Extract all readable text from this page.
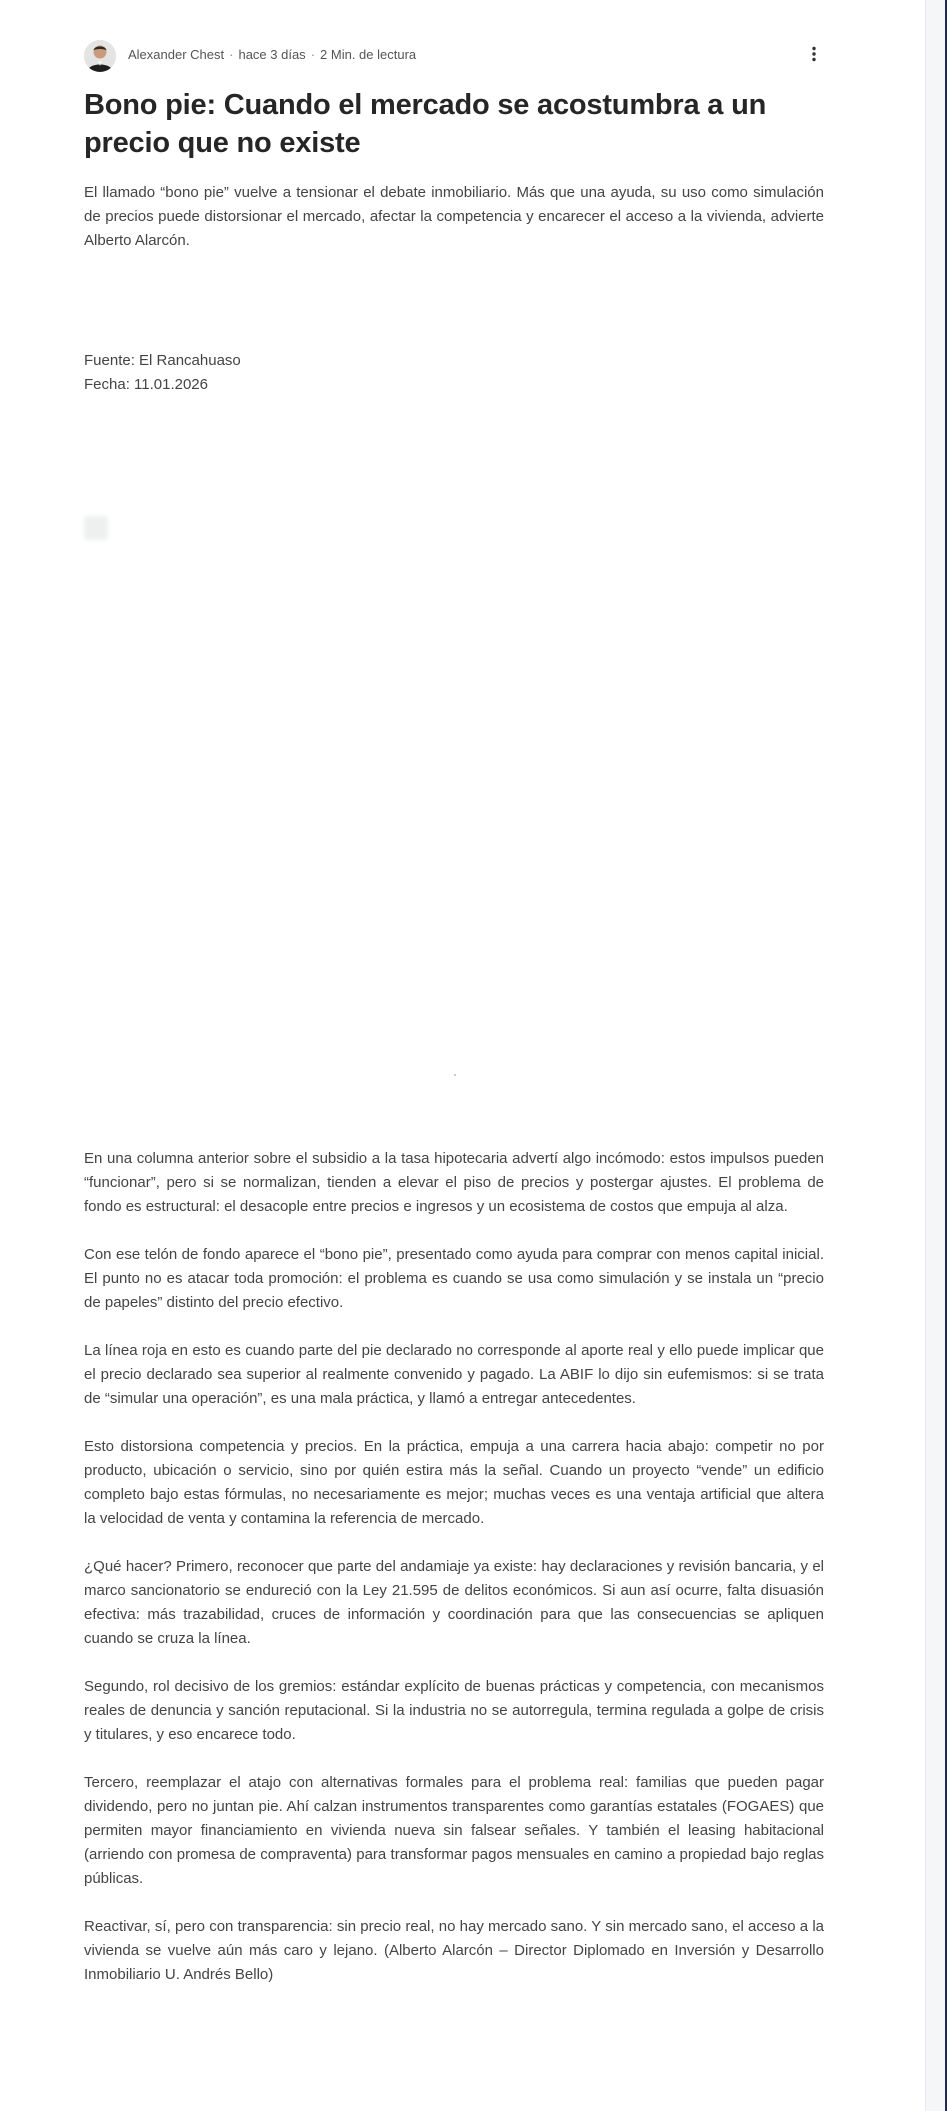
Alexander Chest · hace 3 días · 2 Min. de lectura
Bono pie: Cuando el mercado se acostumbra a un precio que no existe

El llamado “bono pie” vuelve a tensionar el debate inmobiliario. Más que una ayuda, su uso como simulación de precios puede distorsionar el mercado, afectar la competencia y encarecer el acceso a la vivienda, advierte Alberto Alarcón.

Fuente: El Rancahuaso
Fecha: 11.01.2026

En una columna anterior sobre el subsidio a la tasa hipotecaria advertí algo incómodo: estos impulsos pueden “funcionar”, pero si se normalizan, tienden a elevar el piso de precios y postergar ajustes. El problema de fondo es estructural: el desacople entre precios e ingresos y un ecosistema de costos que empuja al alza.

Con ese telón de fondo aparece el “bono pie”, presentado como ayuda para comprar con menos capital inicial. El punto no es atacar toda promoción: el problema es cuando se usa como simulación y se instala un “precio de papeles” distinto del precio efectivo.

La línea roja en esto es cuando parte del pie declarado no corresponde al aporte real y ello puede implicar que el precio declarado sea superior al realmente convenido y pagado. La ABIF lo dijo sin eufemismos: si se trata de “simular una operación”, es una mala práctica, y llamó a entregar antecedentes.

Esto distorsiona competencia y precios. En la práctica, empuja a una carrera hacia abajo: competir no por producto, ubicación o servicio, sino por quién estira más la señal. Cuando un proyecto “vende” un edificio completo bajo estas fórmulas, no necesariamente es mejor; muchas veces es una ventaja artificial que altera la velocidad de venta y contamina la referencia de mercado.

¿Qué hacer? Primero, reconocer que parte del andamiaje ya existe: hay declaraciones y revisión bancaria, y el marco sancionatorio se endureció con la Ley 21.595 de delitos económicos. Si aun así ocurre, falta disuasión efectiva: más trazabilidad, cruces de información y coordinación para que las consecuencias se apliquen cuando se cruza la línea.

Segundo, rol decisivo de los gremios: estándar explícito de buenas prácticas y competencia, con mecanismos reales de denuncia y sanción reputacional. Si la industria no se autorregula, termina regulada a golpe de crisis y titulares, y eso encarece todo.

Tercero, reemplazar el atajo con alternativas formales para el problema real: familias que pueden pagar dividendo, pero no juntan pie. Ahí calzan instrumentos transparentes como garantías estatales (FOGAES) que permiten mayor financiamiento en vivienda nueva sin falsear señales. Y también el leasing habitacional (arriendo con promesa de compraventa) para transformar pagos mensuales en camino a propiedad bajo reglas públicas.

Reactivar, sí, pero con transparencia: sin precio real, no hay mercado sano. Y sin mercado sano, el acceso a la vivienda se vuelve aún más caro y lejano. (Alberto Alarcón – Director Diplomado en Inversión y Desarrollo Inmobiliario U. Andrés Bello)
